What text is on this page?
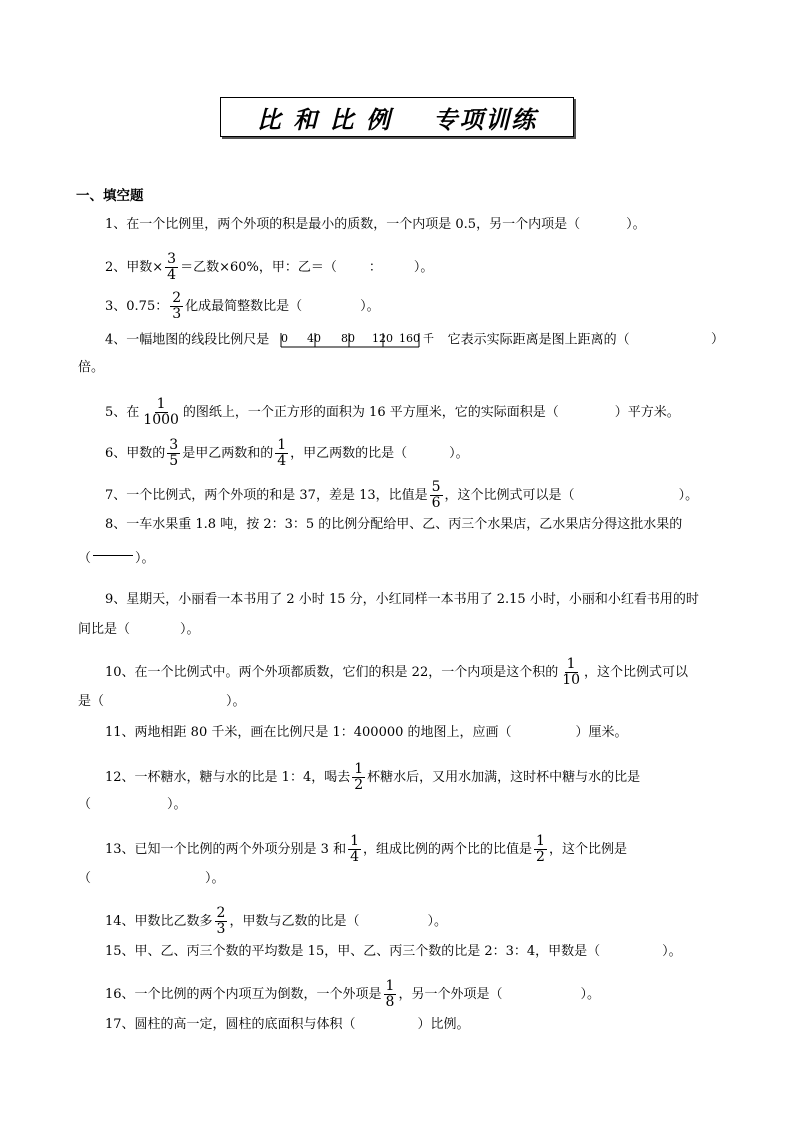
比 和 比 例    专项训练
一、填空题
1、在一个比例里，两个外项的积是最小的质数，一个内项是 0.5，另一个内项是（	）。
2、甲数× $\frac{3}{4}$ ＝乙数×60%，甲：乙＝（ ： ）。
3、0.75： $\frac{2}{3}$ 化成最简整数比是（	）。
4、一幅地图的线段比例尺是 0 40 80 120 160 千 它表示实际距离是图上距离的（	）
倍。
5、在 $\frac{1}{1000}$ 的图纸上，一个正方形的面积为 16 平方厘米，它的实际面积是（	）平方米。
6、甲数的 $\frac{3}{5}$ 是甲乙两数和的 $\frac{1}{4}$ ，甲乙两数的比是（	）。
7、一个比例式，两个外项的和是 37，差是 13，比值是 $\frac{5}{6}$ ，这个比例式可以是（	）。
8、一车水果重 1.8 吨，按 2：3：5 的比例分配给甲、乙、丙三个水果店，乙水果店分得这批水果的
（	）。
9、星期天，小丽看一本书用了 2 小时 15 分，小红同样一本书用了 2.15 小时，小丽和小红看书用的时
间比是（	）。
10、在一个比例式中。两个外项都质数，它们的积是 22，一个内项是这个积的 $\frac{1}{10}$ ，这个比例式可以
是（	）。
11、两地相距 80 千米，画在比例尺是 1：400000 的地图上，应画（	）厘米。
12、一杯糖水，糖与水的比是 1：4，喝去 $\frac{1}{2}$ 杯糖水后，又用水加满，这时杯中糖与水的比是
（	）。
13、已知一个比例的两个外项分别是 3 和 $\frac{1}{4}$ ，组成比例的两个比的比值是 $\frac{1}{2}$ ，这个比例是
（	）。
14、甲数比乙数多 $\frac{2}{3}$ ，甲数与乙数的比是（	）。
15、甲、乙、丙三个数的平均数是 15，甲、乙、丙三个数的比是 2：3：4，甲数是（	）。
16、一个比例的两个内项互为倒数，一个外项是 $\frac{1}{8}$ ，另一个外项是（	）。
17、圆柱的高一定，圆柱的底面积与体积（	）比例。
